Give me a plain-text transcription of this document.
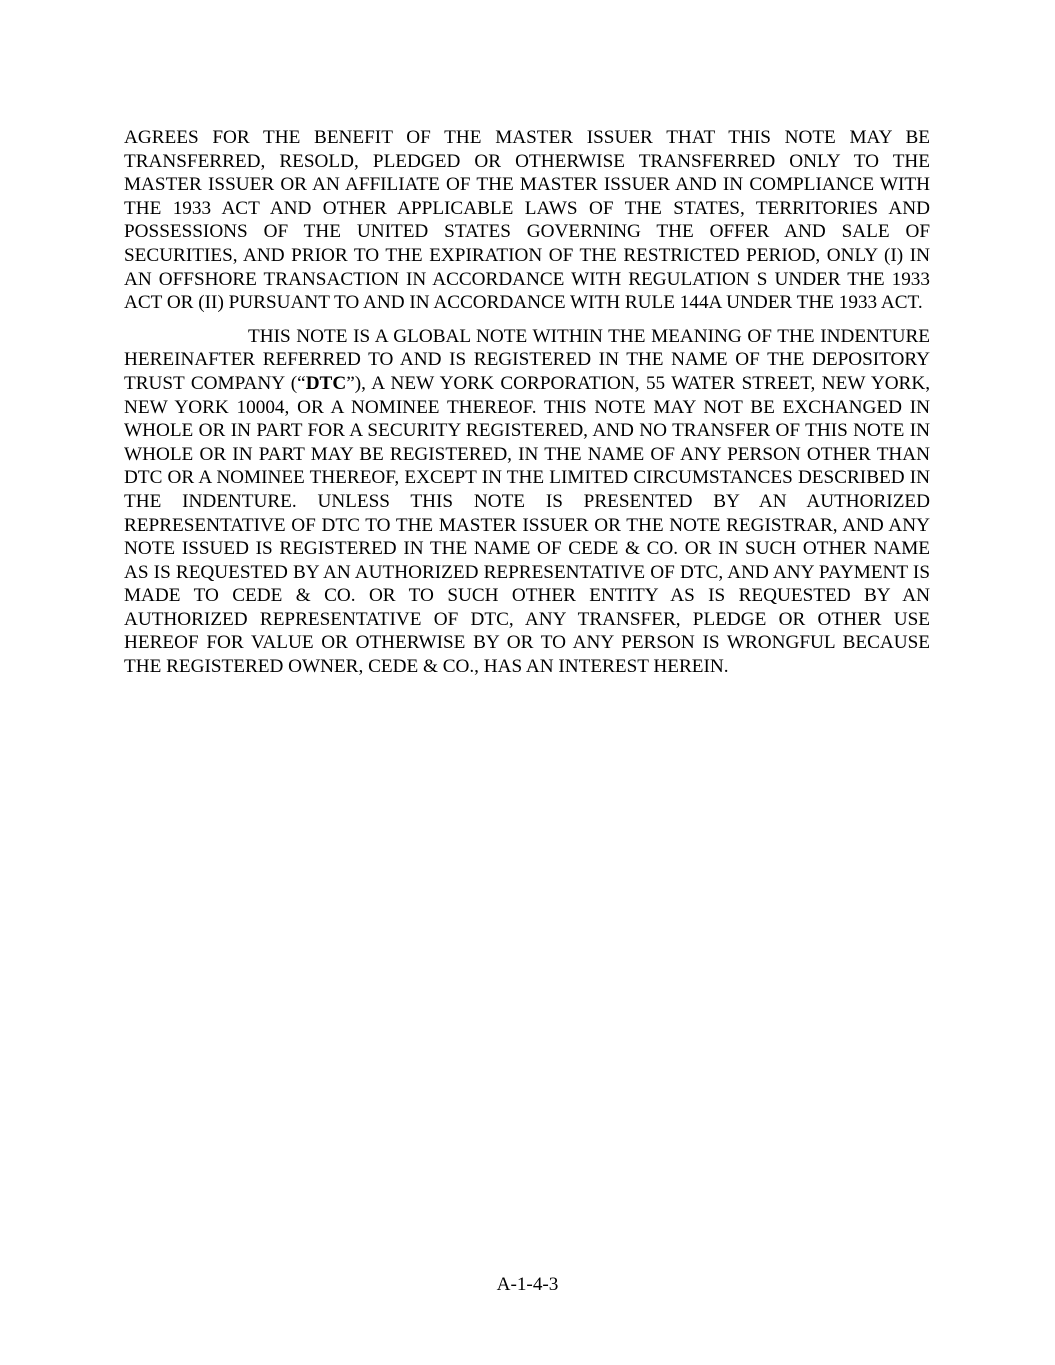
AGREES FOR THE BENEFIT OF THE MASTER ISSUER THAT THIS NOTE MAY BE TRANSFERRED, RESOLD, PLEDGED OR OTHERWISE TRANSFERRED ONLY TO THE MASTER ISSUER OR AN AFFILIATE OF THE MASTER ISSUER AND IN COMPLIANCE WITH THE 1933 ACT AND OTHER APPLICABLE LAWS OF THE STATES, TERRITORIES AND POSSESSIONS OF THE UNITED STATES GOVERNING THE OFFER AND SALE OF SECURITIES, AND PRIOR TO THE EXPIRATION OF THE RESTRICTED PERIOD, ONLY (I) IN AN OFFSHORE TRANSACTION IN ACCORDANCE WITH REGULATION S UNDER THE 1933 ACT OR (II) PURSUANT TO AND IN ACCORDANCE WITH RULE 144A UNDER THE 1933 ACT.

THIS NOTE IS A GLOBAL NOTE WITHIN THE MEANING OF THE INDENTURE HEREINAFTER REFERRED TO AND IS REGISTERED IN THE NAME OF THE DEPOSITORY TRUST COMPANY (“DTC”), A NEW YORK CORPORATION, 55 WATER STREET, NEW YORK, NEW YORK 10004, OR A NOMINEE THEREOF. THIS NOTE MAY NOT BE EXCHANGED IN WHOLE OR IN PART FOR A SECURITY REGISTERED, AND NO TRANSFER OF THIS NOTE IN WHOLE OR IN PART MAY BE REGISTERED, IN THE NAME OF ANY PERSON OTHER THAN DTC OR A NOMINEE THEREOF, EXCEPT IN THE LIMITED CIRCUMSTANCES DESCRIBED IN THE INDENTURE. UNLESS THIS NOTE IS PRESENTED BY AN AUTHORIZED REPRESENTATIVE OF DTC TO THE MASTER ISSUER OR THE NOTE REGISTRAR, AND ANY NOTE ISSUED IS REGISTERED IN THE NAME OF CEDE & CO. OR IN SUCH OTHER NAME AS IS REQUESTED BY AN AUTHORIZED REPRESENTATIVE OF DTC, AND ANY PAYMENT IS MADE TO CEDE & CO. OR TO SUCH OTHER ENTITY AS IS REQUESTED BY AN AUTHORIZED REPRESENTATIVE OF DTC, ANY TRANSFER, PLEDGE OR OTHER USE HEREOF FOR VALUE OR OTHERWISE BY OR TO ANY PERSON IS WRONGFUL BECAUSE THE REGISTERED OWNER, CEDE & CO., HAS AN INTEREST HEREIN.

A-1-4-3
